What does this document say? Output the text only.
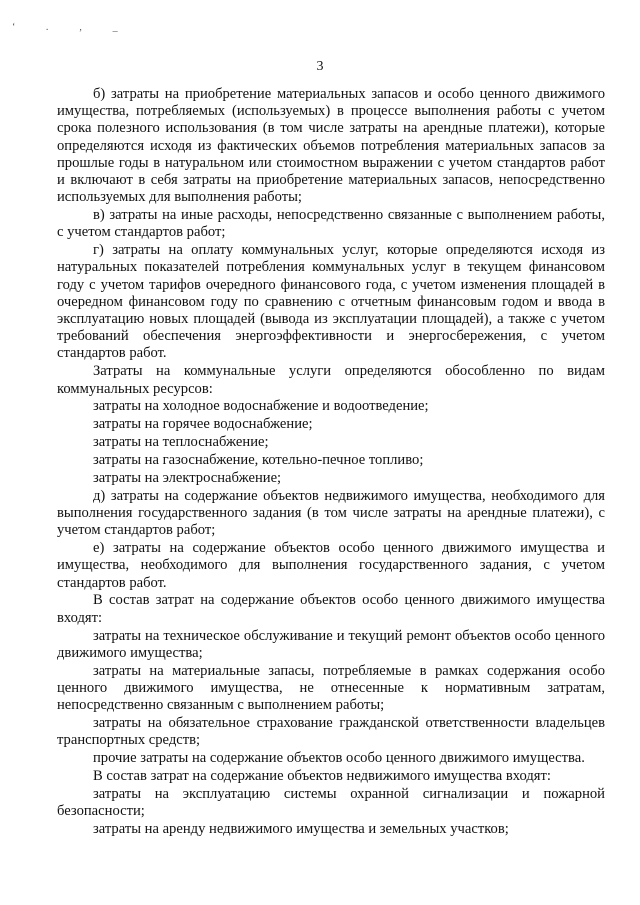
‘ . ‚ _
3

б) затраты на приобретение материальных запасов и особо ценного движимого имущества, потребляемых (используемых) в процессе выполнения работы с учетом срока полезного использования (в том числе затраты на арендные платежи), которые определяются исходя из фактических объемов потребления материальных запасов за прошлые годы в натуральном или стоимостном выражении с учетом стандартов работ и включают в себя затраты на приобретение материальных запасов, непосредственно используемых для выполнения работы;

в) затраты на иные расходы, непосредственно связанные с выполнением работы, с учетом стандартов работ;

г) затраты на оплату коммунальных услуг, которые определяются исходя из натуральных показателей потребления коммунальных услуг в текущем финансовом году с учетом тарифов очередного финансового года, с учетом изменения площадей в очередном финансовом году по сравнению с отчетным финансовым годом и ввода в эксплуатацию новых площадей (вывода из эксплуатации площадей), а также с учетом требований обеспечения энергоэффективности и энергосбережения, с учетом стандартов работ.

Затраты на коммунальные услуги определяются обособленно по видам коммунальных ресурсов:

затраты на холодное водоснабжение и водоотведение;

затраты на горячее водоснабжение;

затраты на теплоснабжение;

затраты на газоснабжение, котельно-печное топливо;

затраты на электроснабжение;

д) затраты на содержание объектов недвижимого имущества, необходимого для выполнения государственного задания (в том числе затраты на арендные платежи), с учетом стандартов работ;

е) затраты на содержание объектов особо ценного движимого имущества и имущества, необходимого для выполнения государственного задания, с учетом стандартов работ.

В состав затрат на содержание объектов особо ценного движимого имущества входят:

затраты на техническое обслуживание и текущий ремонт объектов особо ценного движимого имущества;

затраты на материальные запасы, потребляемые в рамках содержания особо ценного движимого имущества, не отнесенные к нормативным затратам, непосредственно связанным с выполнением работы;

затраты на обязательное страхование гражданской ответственности владельцев транспортных средств;

прочие затраты на содержание объектов особо ценного движимого имущества.

В состав затрат на содержание объектов недвижимого имущества входят:

затраты на эксплуатацию системы охранной сигнализации и пожарной безопасности;

затраты на аренду недвижимого имущества и земельных участков;
